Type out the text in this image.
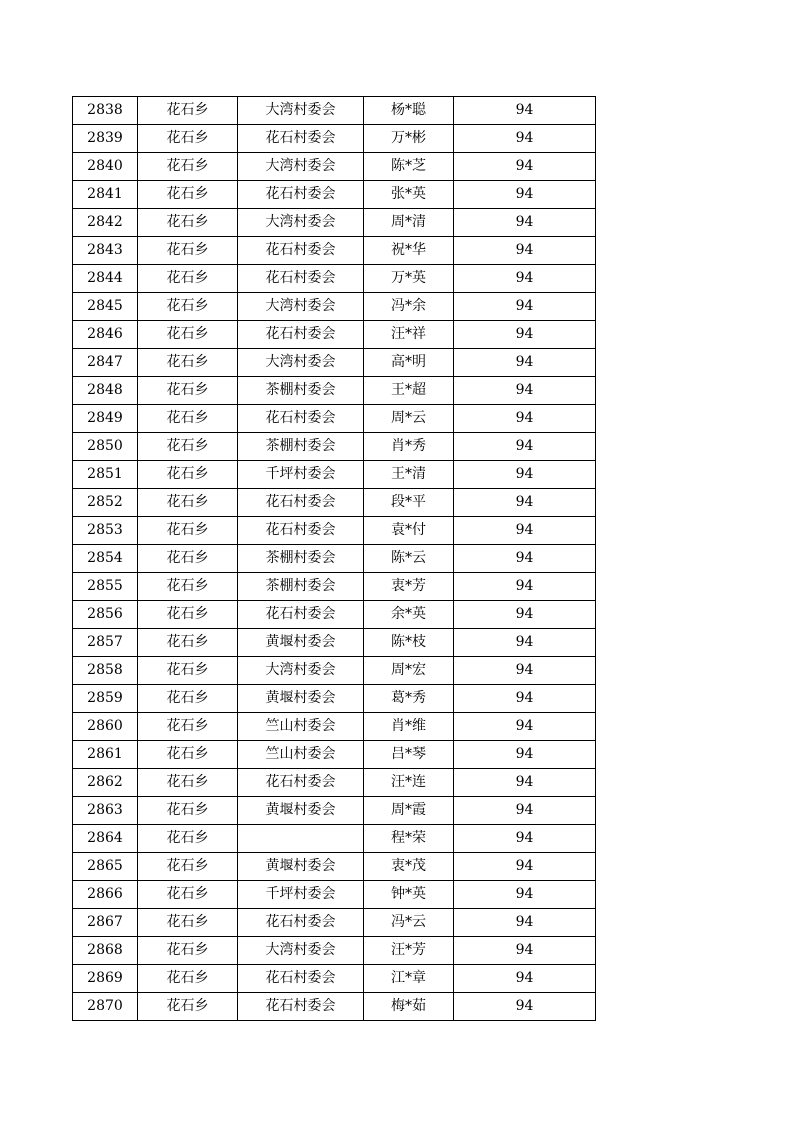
2838	花石乡	大湾村委会	杨*聪	94
2839	花石乡	花石村委会	万*彬	94
2840	花石乡	大湾村委会	陈*芝	94
2841	花石乡	花石村委会	张*英	94
2842	花石乡	大湾村委会	周*清	94
2843	花石乡	花石村委会	祝*华	94
2844	花石乡	花石村委会	万*英	94
2845	花石乡	大湾村委会	冯*余	94
2846	花石乡	花石村委会	汪*祥	94
2847	花石乡	大湾村委会	高*明	94
2848	花石乡	茶棚村委会	王*超	94
2849	花石乡	花石村委会	周*云	94
2850	花石乡	茶棚村委会	肖*秀	94
2851	花石乡	千坪村委会	王*清	94
2852	花石乡	花石村委会	段*平	94
2853	花石乡	花石村委会	袁*付	94
2854	花石乡	茶棚村委会	陈*云	94
2855	花石乡	茶棚村委会	衷*芳	94
2856	花石乡	花石村委会	余*英	94
2857	花石乡	黄堰村委会	陈*枝	94
2858	花石乡	大湾村委会	周*宏	94
2859	花石乡	黄堰村委会	葛*秀	94
2860	花石乡	竺山村委会	肖*维	94
2861	花石乡	竺山村委会	吕*琴	94
2862	花石乡	花石村委会	汪*连	94
2863	花石乡	黄堰村委会	周*霞	94
2864	花石乡		程*荣	94
2865	花石乡	黄堰村委会	衷*茂	94
2866	花石乡	千坪村委会	钟*英	94
2867	花石乡	花石村委会	冯*云	94
2868	花石乡	大湾村委会	汪*芳	94
2869	花石乡	花石村委会	江*章	94
2870	花石乡	花石村委会	梅*茹	94
